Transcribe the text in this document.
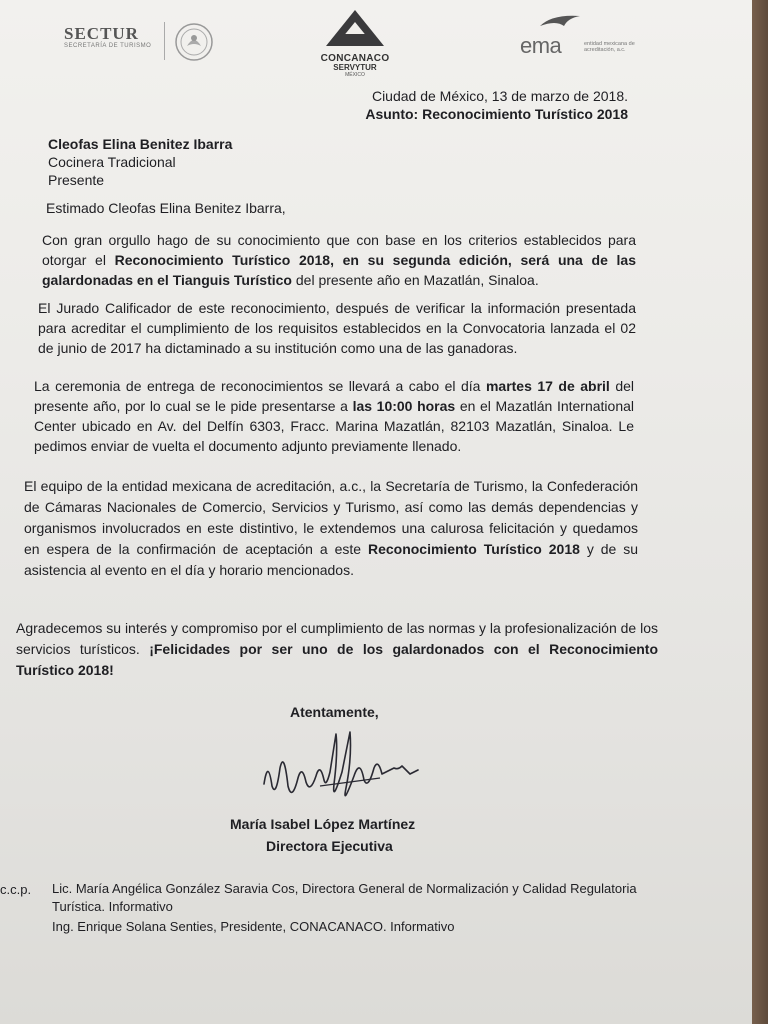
SECTUR
SECRETARÍA DE TURISMO
CONCANACO
SERVYTUR
MÉXICO
ema	entidad mexicana de acreditación, a.c.
Ciudad de México, 13 de marzo de 2018.
Asunto: Reconocimiento Turístico 2018
Cleofas Elina Benitez Ibarra
Cocinera Tradicional
Presente
Estimado Cleofas Elina Benitez Ibarra,
Con gran orgullo hago de su conocimiento que con base en los criterios establecidos para otorgar el Reconocimiento Turístico 2018, en su segunda edición, será una de las galardonadas en el Tianguis Turístico del presente año en Mazatlán, Sinaloa.
El Jurado Calificador de este reconocimiento, después de verificar la información presentada para acreditar el cumplimiento de los requisitos establecidos en la Convocatoria lanzada el 02 de junio de 2017 ha dictaminado a su institución como una de las ganadoras.
La ceremonia de entrega de reconocimientos se llevará a cabo el día martes 17 de abril del presente año, por lo cual se le pide presentarse a las 10:00 horas en el Mazatlán International Center ubicado en Av. del Delfín 6303, Fracc. Marina Mazatlán, 82103 Mazatlán, Sinaloa. Le pedimos enviar de vuelta el documento adjunto previamente llenado.
El equipo de la entidad mexicana de acreditación, a.c., la Secretaría de Turismo, la Confederación de Cámaras Nacionales de Comercio, Servicios y Turismo, así como las demás dependencias y organismos involucrados en este distintivo, le extendemos una calurosa felicitación y quedamos en espera de la confirmación de aceptación a este Reconocimiento Turístico 2018 y de su asistencia al evento en el día y horario mencionados.
Agradecemos su interés y compromiso por el cumplimiento de las normas y la profesionalización de los servicios turísticos. ¡Felicidades por ser uno de los galardonados con el Reconocimiento Turístico 2018!
Atentamente,
María Isabel López Martínez
Directora Ejecutiva
c.c.p. Lic. María Angélica González Saravia Cos, Directora General de Normalización y Calidad Regulatoria Turística. Informativo
Ing. Enrique Solana Senties, Presidente, CONACANACO. Informativo
